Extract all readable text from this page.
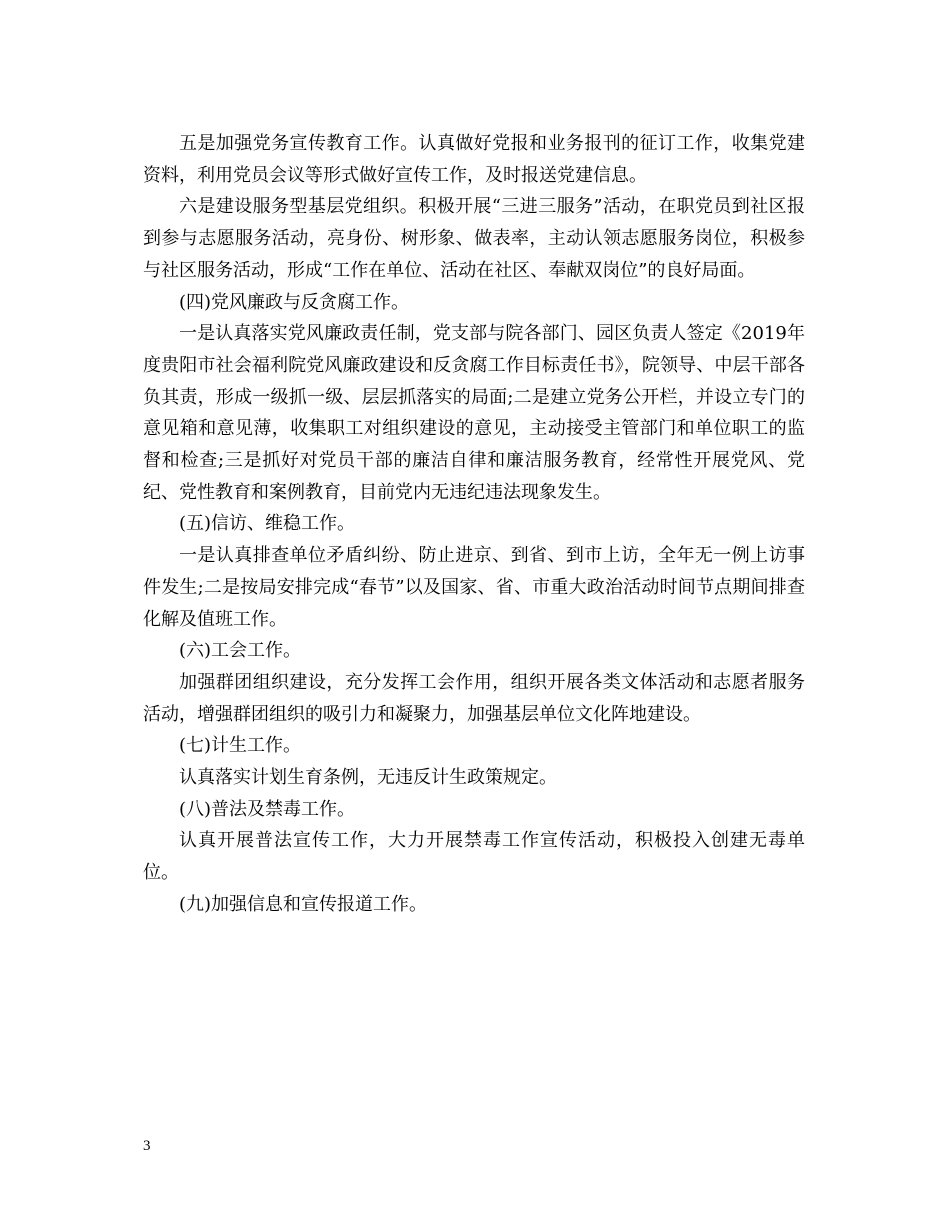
五是加强党务宣传教育工作。认真做好党报和业务报刊的征订工作，收集党建资料，利用党员会议等形式做好宣传工作，及时报送党建信息。

六是建设服务型基层党组织。积极开展“三进三服务”活动，在职党员到社区报到参与志愿服务活动，亮身份、树形象、做表率，主动认领志愿服务岗位，积极参与社区服务活动，形成“工作在单位、活动在社区、奉献双岗位”的良好局面。

(四)党风廉政与反贪腐工作。

一是认真落实党风廉政责任制，党支部与院各部门、园区负责人签定《2019年度贵阳市社会福利院党风廉政建设和反贪腐工作目标责任书》，院领导、中层干部各负其责，形成一级抓一级、层层抓落实的局面;二是建立党务公开栏，并设立专门的意见箱和意见薄，收集职工对组织建设的意见，主动接受主管部门和单位职工的监督和检查;三是抓好对党员干部的廉洁自律和廉洁服务教育，经常性开展党风、党纪、党性教育和案例教育，目前党内无违纪违法现象发生。

(五)信访、维稳工作。

一是认真排查单位矛盾纠纷、防止进京、到省、到市上访，全年无一例上访事件发生;二是按局安排完成“春节”以及国家、省、市重大政治活动时间节点期间排查化解及值班工作。

(六)工会工作。

加强群团组织建设，充分发挥工会作用，组织开展各类文体活动和志愿者服务活动，增强群团组织的吸引力和凝聚力，加强基层单位文化阵地建设。

(七)计生工作。

认真落实计划生育条例，无违反计生政策规定。

(八)普法及禁毒工作。

认真开展普法宣传工作，大力开展禁毒工作宣传活动，积极投入创建无毒单位。

(九)加强信息和宣传报道工作。

3
